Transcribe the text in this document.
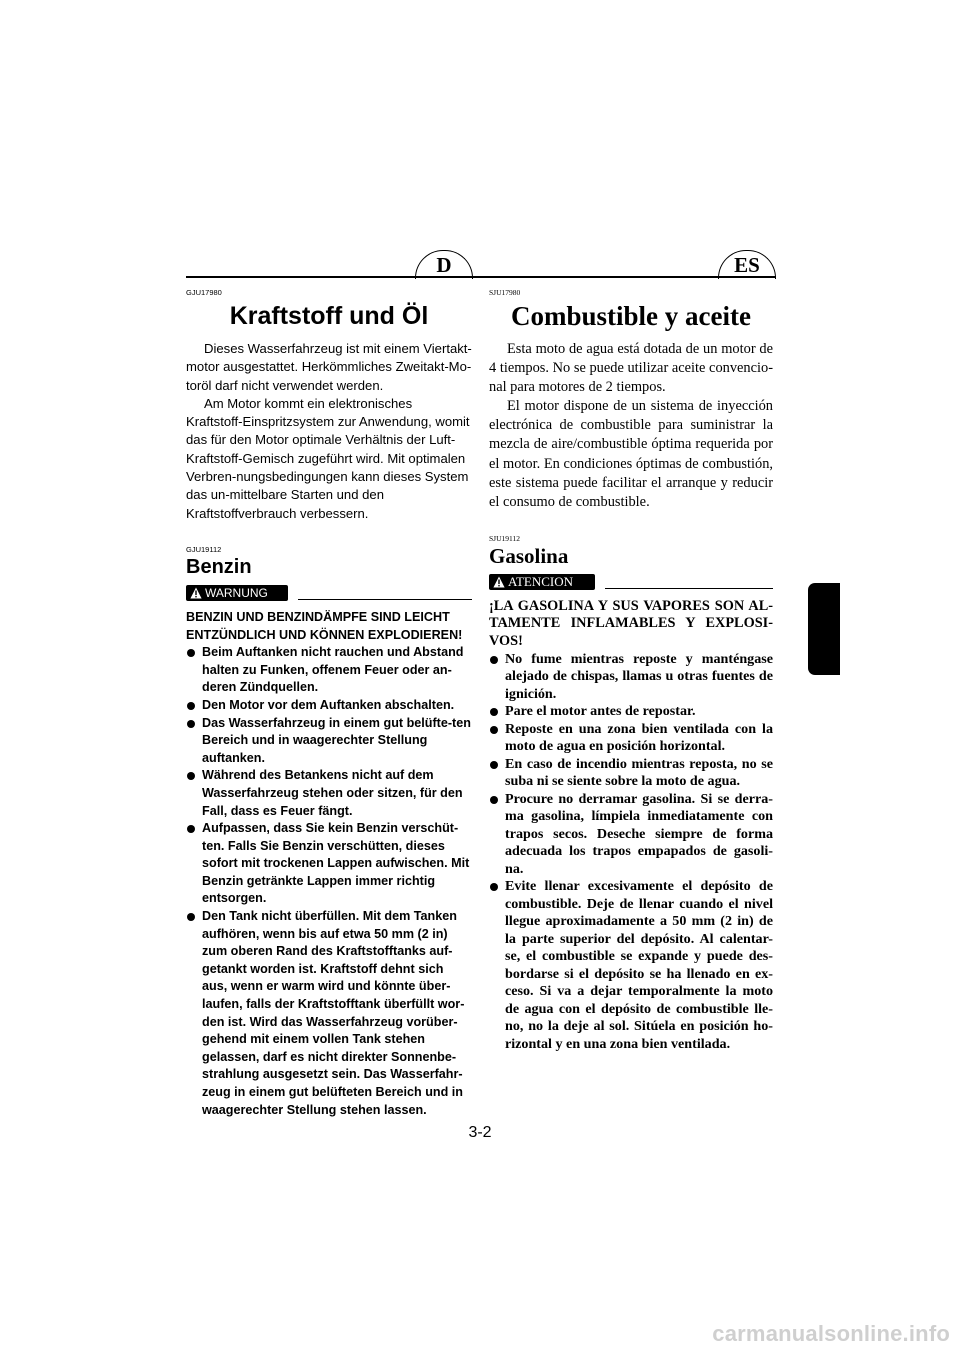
D	ES

GJU17980

Kraftstoff und Öl

Dieses Wasserfahrzeug ist mit einem Viertakt-motor ausgestattet. Herkömmliches Zweitakt-Mo-toröl darf nicht verwendet werden.

Am Motor kommt ein elektronisches Kraftstoff-Einspritzsystem zur Anwendung, womit das für den Motor optimale Verhältnis der Luft-Kraftstoff-Gemisch zugeführt wird. Mit optimalen Verbren-nungsbedingungen kann dieses System das un-mittelbare Starten und den Kraftstoffverbrauch verbessern.

GJU19112

Benzin
WARNUNG

BENZIN UND BENZINDÄMPFE SIND LEICHT ENTZÜNDLICH UND KÖNNEN EXPLODIEREN!

Beim Auftanken nicht rauchen und Abstand halten zu Funken, offenem Feuer oder an-deren Zündquellen.
Den Motor vor dem Auftanken abschalten.
Das Wasserfahrzeug in einem gut belüfte-ten Bereich und in waagerechter Stellung auftanken.
Während des Betankens nicht auf dem Wasserfahrzeug stehen oder sitzen, für den Fall, dass es Feuer fängt.
Aufpassen, dass Sie kein Benzin verschüt-ten. Falls Sie Benzin verschütten, dieses sofort mit trockenen Lappen aufwischen. Mit Benzin getränkte Lappen immer richtig entsorgen.
Den Tank nicht überfüllen. Mit dem Tanken aufhören, wenn bis auf etwa 50 mm (2 in) zum oberen Rand des Kraftstofftanks auf-getankt worden ist. Kraftstoff dehnt sich aus, wenn er warm wird und könnte über-laufen, falls der Kraftstofftank überfüllt wor-den ist. Wird das Wasserfahrzeug vorüber-gehend mit einem vollen Tank stehen gelassen, darf es nicht direkter Sonnenbe-strahlung ausgesetzt sein. Das Wasserfahr-zeug in einem gut belüfteten Bereich und in waagerechter Stellung stehen lassen.

SJU17980

Combustible y aceite

Esta moto de agua está dotada de un motor de 4 tiempos. No se puede utilizar aceite convencio-nal para motores de 2 tiempos.

El motor dispone de un sistema de inyección electrónica de combustible para suministrar la mezcla de aire/combustible óptima requerida por el motor. En condiciones óptimas de combustión, este sistema puede facilitar el arranque y reducir el consumo de combustible.

SJU19112

Gasolina
ATENCION

¡LA GASOLINA Y SUS VAPORES SON AL-TAMENTE INFLAMABLES Y EXPLOSI-VOS!

No fume mientras reposte y manténgase alejado de chispas, llamas u otras fuentes de ignición.
Pare el motor antes de repostar.
Reposte en una zona bien ventilada con la moto de agua en posición horizontal.
En caso de incendio mientras reposta, no se suba ni se siente sobre la moto de agua.
Procure no derramar gasolina. Si se derra-ma gasolina, límpiela inmediatamente con trapos secos. Deseche siempre de forma adecuada los trapos empapados de gasoli-na.
Evite llenar excesivamente el depósito de combustible. Deje de llenar cuando el nivel llegue aproximadamente a 50 mm (2 in) de la parte superior del depósito. Al calentar-se, el combustible se expande y puede des-bordarse si el depósito se ha llenado en ex-ceso. Si va a dejar temporalmente la moto de agua con el depósito de combustible lle-no, no la deje al sol. Sitúela en posición ho-rizontal y en una zona bien ventilada.
3-2
carmanualsonline.info
